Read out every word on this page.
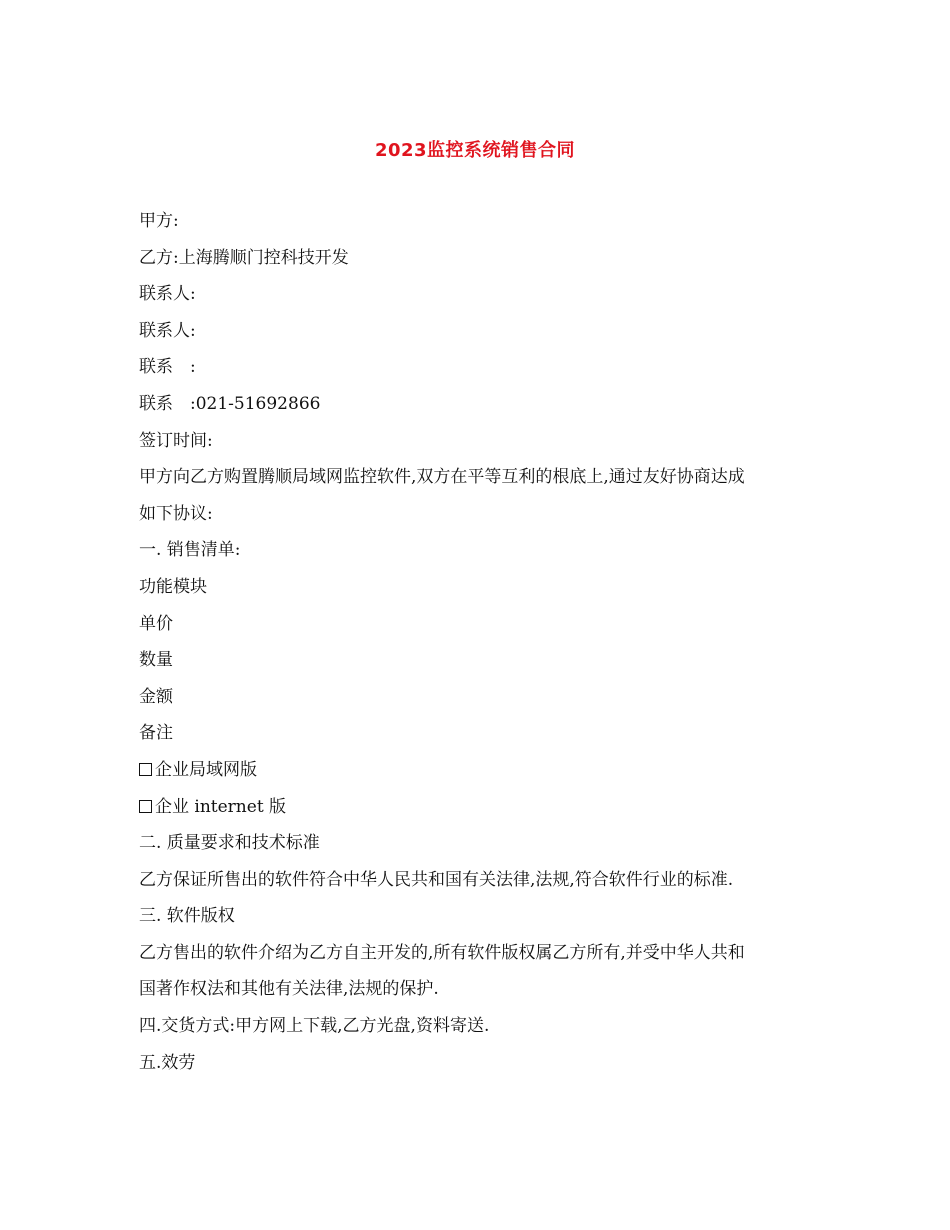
2023监控系统销售合同
甲方:
乙方:上海腾顺门控科技开发
联系人:
联系人:
联系　:
联系　:021-51692866
签订时间:
甲方向乙方购置腾顺局域网监控软件,双方在平等互利的根底上,通过友好协商达成
如下协议:
一. 销售清单:
功能模块
单价
数量
金额
备注
企业局域网版
企业 internet 版
二. 质量要求和技术标准
乙方保证所售出的软件符合中华人民共和国有关法律,法规,符合软件行业的标准.
三. 软件版权
乙方售出的软件介绍为乙方自主开发的,所有软件版权属乙方所有,并受中华人共和
国著作权法和其他有关法律,法规的保护.
四.交货方式:甲方网上下载,乙方光盘,资料寄送.
五.效劳
